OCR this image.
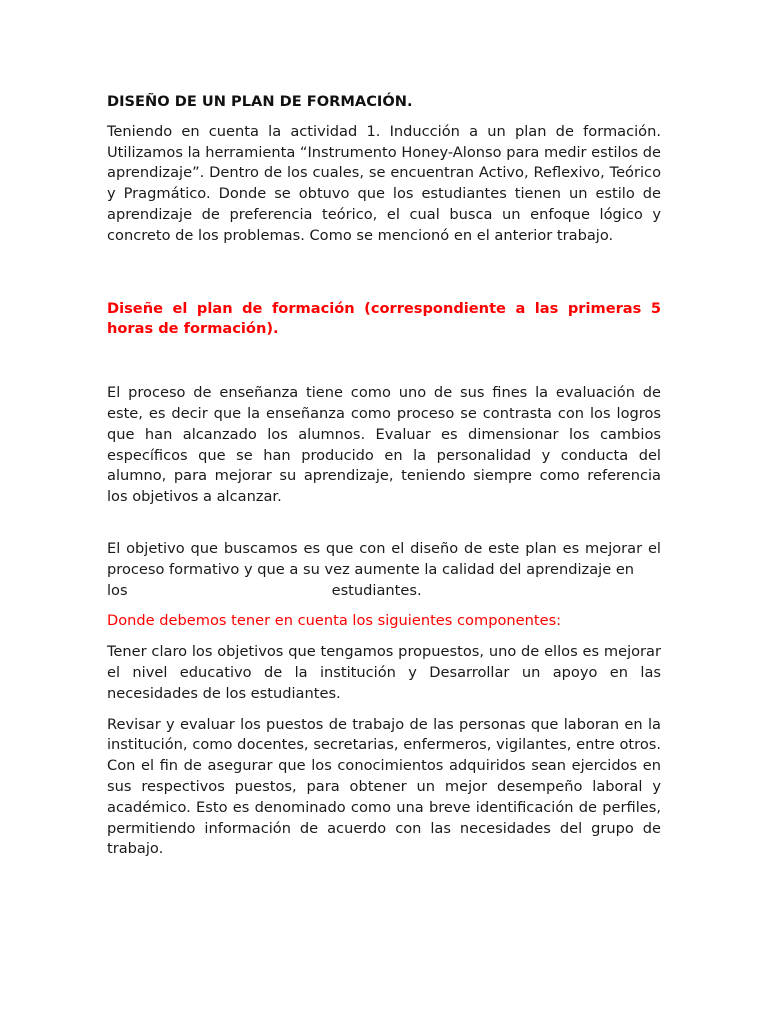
DISEÑO DE UN PLAN DE FORMACIÓN.

Teniendo en cuenta la actividad 1. Inducción a un plan de formación. Utilizamos la herramienta “Instrumento Honey-Alonso para medir estilos de aprendizaje”. Dentro de los cuales, se encuentran Activo, Reflexivo, Teórico y Pragmático. Donde se obtuvo que los estudiantes tienen un estilo de aprendizaje de preferencia teórico, el cual busca un enfoque lógico y concreto de los problemas. Como se mencionó en el anterior trabajo.

Diseñe el plan de formación (correspondiente a las primeras 5 horas de formación).

El proceso de enseñanza tiene como uno de sus fines la evaluación de este, es decir que la enseñanza como proceso se contrasta con los logros que han alcanzado los alumnos. Evaluar es dimensionar los cambios específicos que se han producido en la personalidad y conducta del alumno, para mejorar su aprendizaje, teniendo siempre como referencia los objetivos a alcanzar.

El objetivo que buscamos es que con el diseño de este plan es mejorar el proceso formativo y que a su vez aumente la calidad del aprendizaje en

los	estudiantes.

Donde debemos tener en cuenta los siguientes componentes:

Tener claro los objetivos que tengamos propuestos, uno de ellos es mejorar el nivel educativo de la institución y Desarrollar un apoyo en las necesidades de los estudiantes.

Revisar y evaluar los puestos de trabajo de las personas que laboran en la institución, como docentes, secretarias, enfermeros, vigilantes, entre otros. Con el fin de asegurar que los conocimientos adquiridos sean ejercidos en sus respectivos puestos, para obtener un mejor desempeño laboral y académico. Esto es denominado como una breve identificación de perfiles, permitiendo información de acuerdo con las necesidades del grupo de trabajo.
